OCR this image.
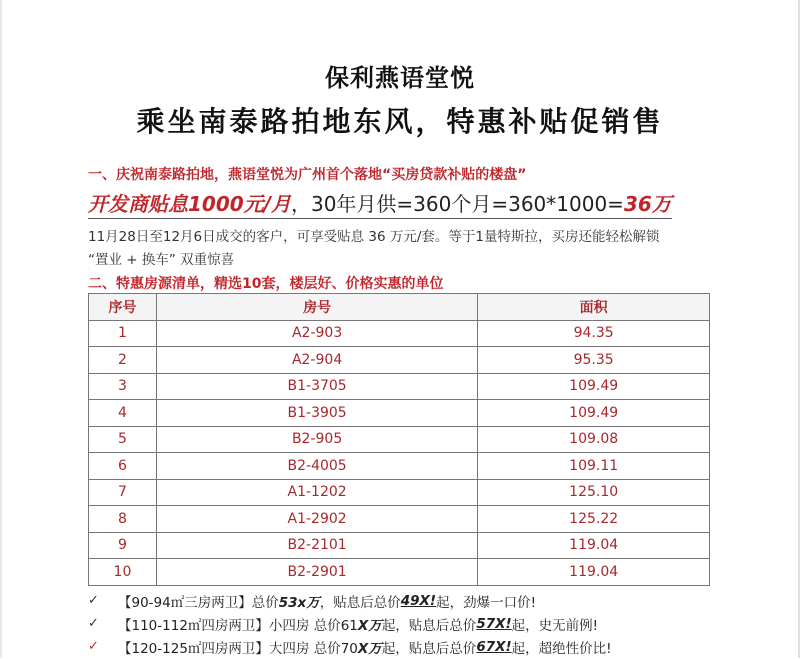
保利燕语堂悦
乘坐南泰路拍地东风，特惠补贴促销售
一、庆祝南泰路拍地，燕语堂悦为广州首个落地“买房贷款补贴的楼盘”
开发商贴息1000元/月，30年月供=360个月=360*1000=36万
11月28日至12月6日成交的客户，可享受贴息 36 万元/套。等于1量特斯拉，买房还能轻松解锁
“置业 + 换车” 双重惊喜
二、特惠房源清单，精选10套，楼层好、价格实惠的单位
序号	房号	面积
1	A2-903	94.35
2	A2-904	95.35
3	B1-3705	109.49
4	B1-3905	109.49
5	B2-905	109.08
6	B2-4005	109.11
7	A1-1202	125.10
8	A1-2902	125.22
9	B2-2101	119.04
10	B2-2901	119.04
✓	【90-94㎡三房两卫】 总价 53x万 ，贴息后总价 49X! 起，劲爆一口价!
✓	【110-112㎡四房两卫】 小四房 总价61 X万 起，贴息后总价 57X! 起，史无前例!
✓	【120-125㎡四房两卫】 大四房 总价70 X万 起，贴息后总价 67X! 起，超绝性价比!
